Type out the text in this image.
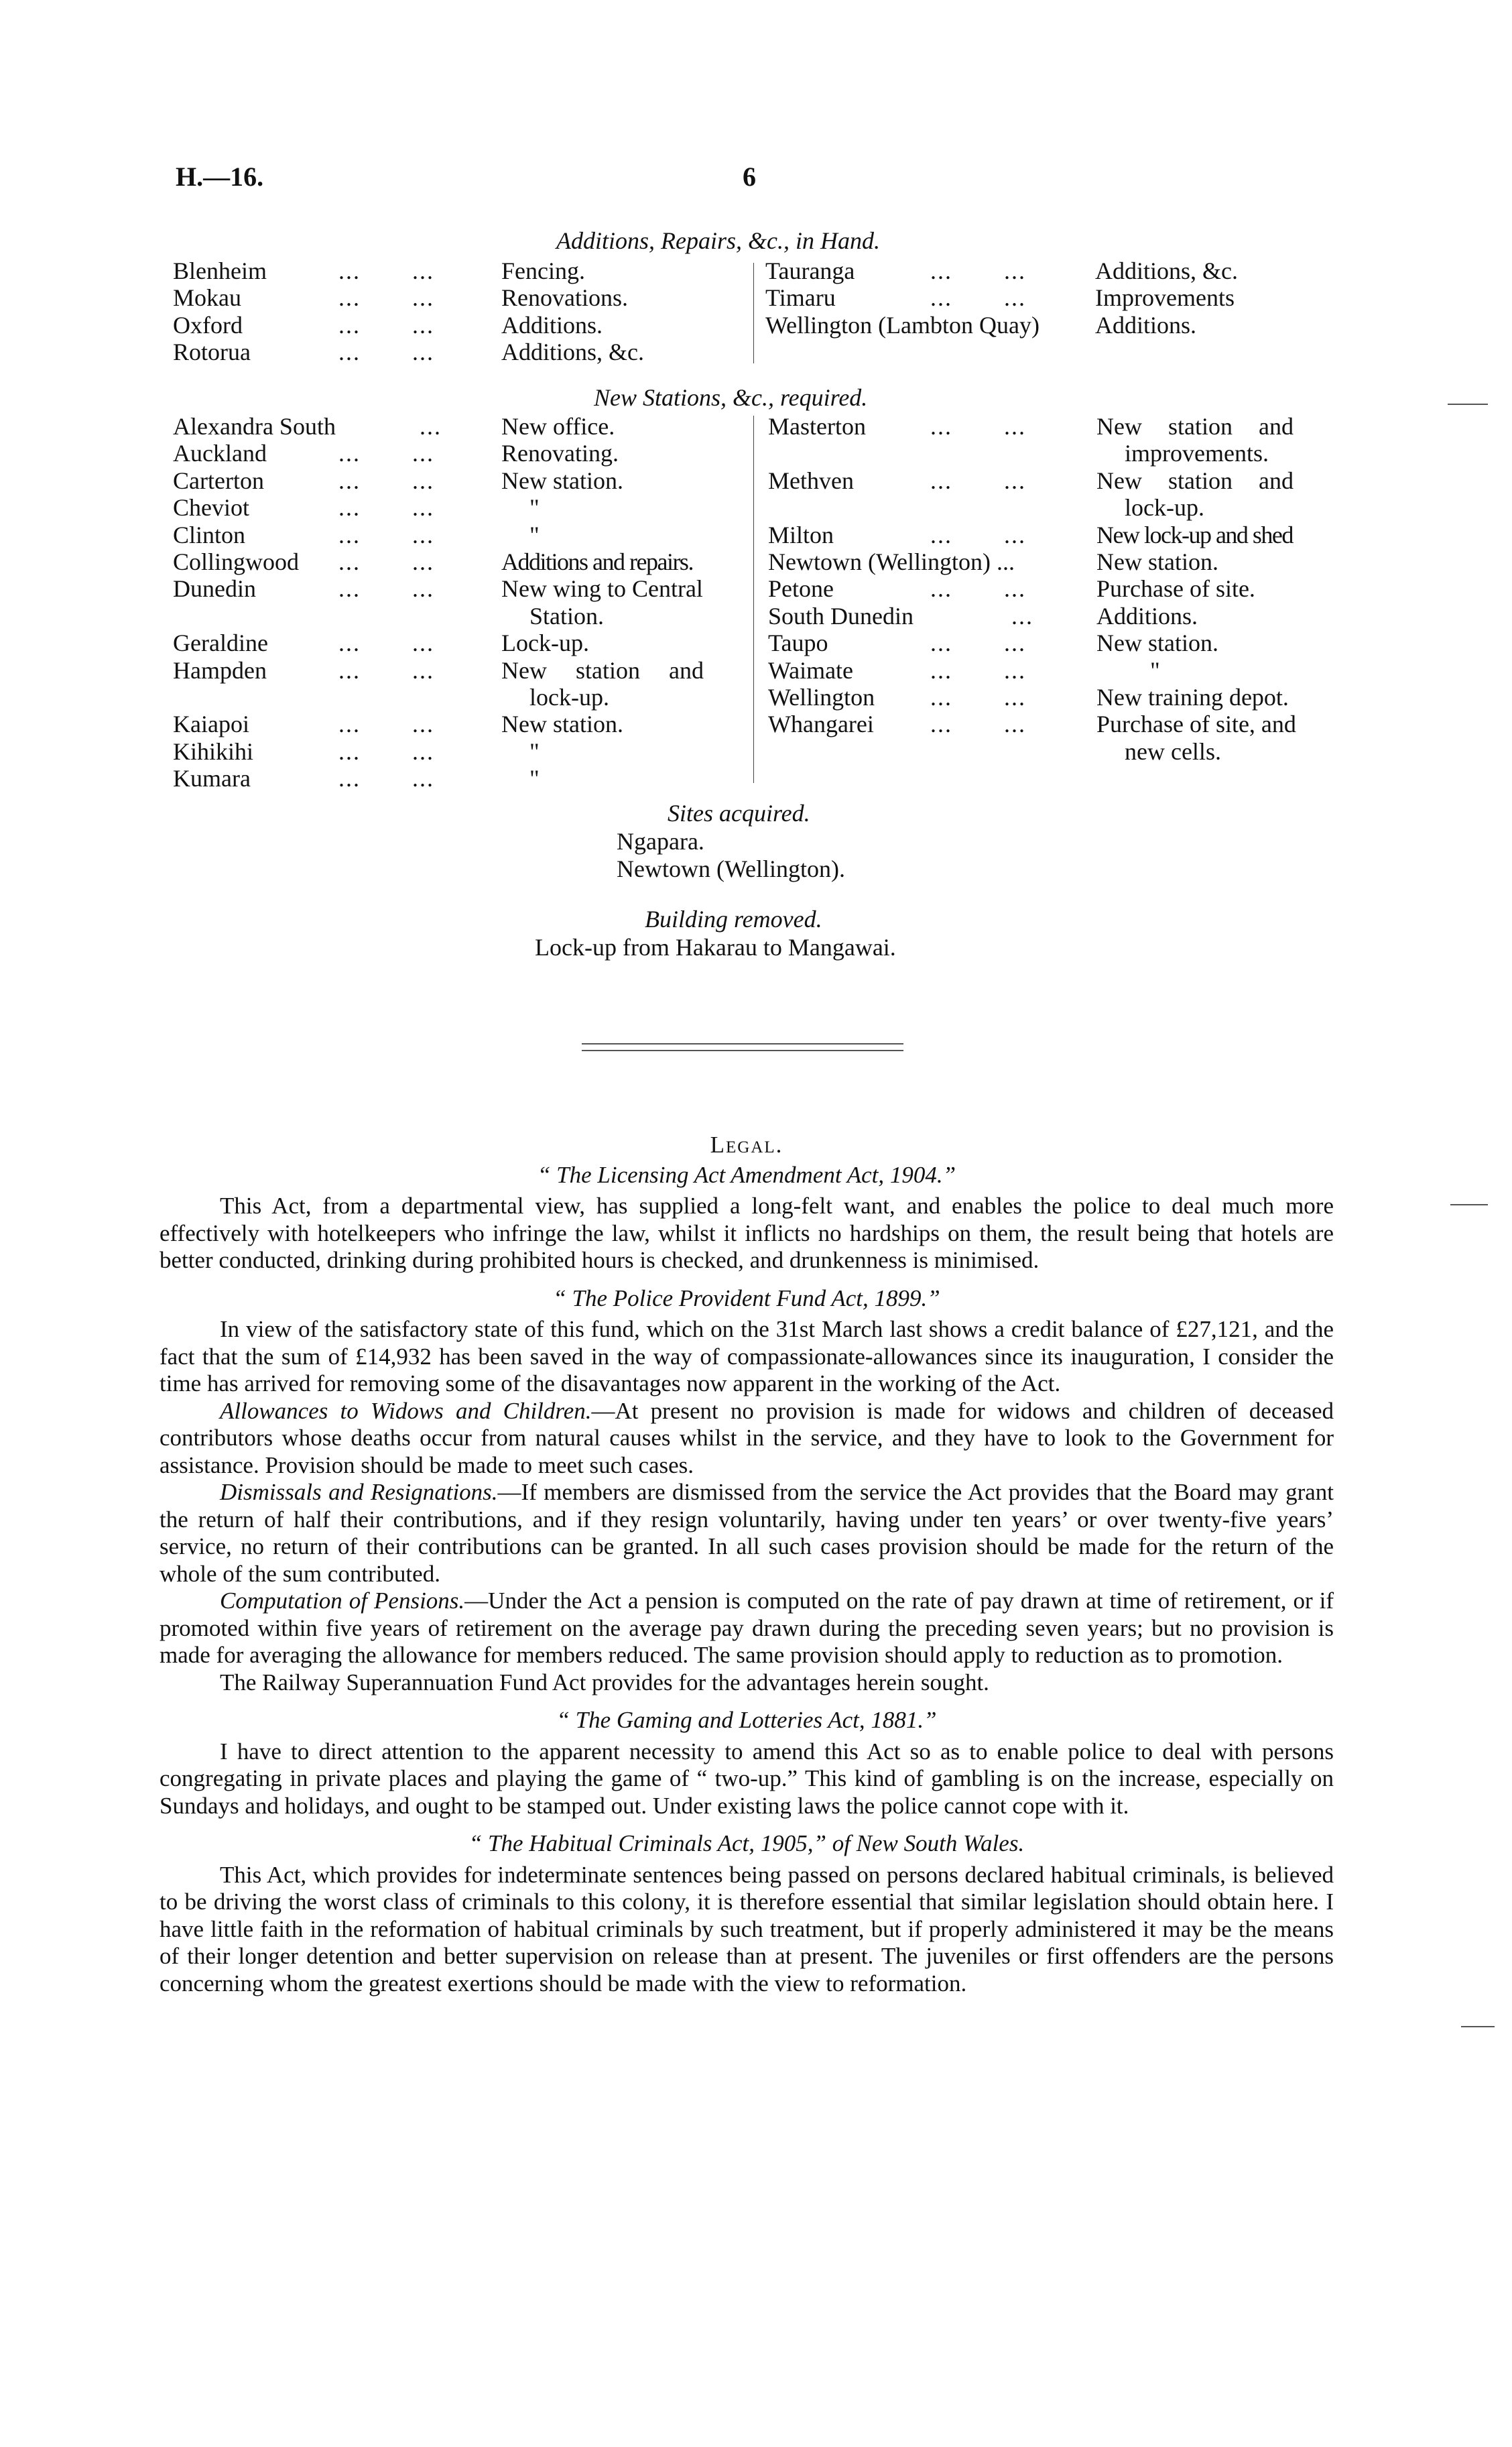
H.—16.	6
Additions, Repairs, &c., in Hand.
Blenheim
Mokau
Oxford
Rotorua
...       ...
...       ...
...       ...
...       ...
Fencing.
Renovations.
Additions.
Additions, &c.
Tauranga
Timaru
Wellington (Lambton Quay)
...       ...
...       ...
Additions, &c.
Improvements
Additions.
New Stations, &c., required.
Alexandra South
Auckland
Carterton
Cheviot
Clinton
Collingwood
Dunedin
Geraldine
Hampden
Kaiapoi
Kihikihi
Kumara
...
...       ...
...       ...
...       ...
...       ...
...       ...
...       ...

...       ...
...       ...

...       ...
...       ...
...       ...
New office.
Renovating.
New station.
"
"
Additions and repairs.
New wing to Central
Station.
Lock-up.
New station and
lock-up.
New station.
"
"
Masterton
Methven
Milton
Newtown (Wellington) ...
Petone
South Dunedin
Taupo
Waimate
Wellington
Whangarei
...       ...

...       ...

...       ...

...       ...
...
...       ...
...       ...
...       ...
...       ...
New station and
improvements.
New station and
lock-up.
New lock-up and shed
New station.
Purchase of site.
Additions.
New station.
"
New training depot.
Purchase of site, and
new cells.
Sites acquired.
Ngapara.
Newtown (Wellington).
Building removed.
Lock-up from Hakarau to Mangawai.

Legal.

“ The Licensing Act Amendment Act, 1904.”

This Act, from a departmental view, has supplied a long-felt want, and enables the police to deal much more effectively with hotelkeepers who infringe the law, whilst it inflicts no hardships on them, the result being that hotels are better conducted, drinking during prohibited hours is checked, and drunkenness is minimised.

“ The Police Provident Fund Act, 1899.”

In view of the satisfactory state of this fund, which on the 31st March last shows a credit balance of £27,121, and the fact that the sum of £14,932 has been saved in the way of compassionate-allowances since its inauguration, I consider the time has arrived for removing some of the disavantages now apparent in the working of the Act.

Allowances to Widows and Children.—At present no provision is made for widows and children of deceased contributors whose deaths occur from natural causes whilst in the service, and they have to look to the Government for assistance. Provision should be made to meet such cases.

Dismissals and Resignations.—If members are dismissed from the service the Act provides that the Board may grant the return of half their contributions, and if they resign voluntarily, having under ten years’ or over twenty-five years’ service, no return of their contributions can be granted. In all such cases provision should be made for the return of the whole of the sum contributed.

Computation of Pensions.—Under the Act a pension is computed on the rate of pay drawn at time of retirement, or if promoted within five years of retirement on the average pay drawn during the preceding seven years; but no provision is made for averaging the allowance for members reduced. The same provision should apply to reduction as to promotion.

The Railway Superannuation Fund Act provides for the advantages herein sought.

“ The Gaming and Lotteries Act, 1881.”

I have to direct attention to the apparent necessity to amend this Act so as to enable police to deal with persons congregating in private places and playing the game of “ two-up.” This kind of gambling is on the increase, especially on Sundays and holidays, and ought to be stamped out. Under existing laws the police cannot cope with it.

“ The Habitual Criminals Act, 1905,” of New South Wales.

This Act, which provides for indeterminate sentences being passed on persons declared habitual criminals, is believed to be driving the worst class of criminals to this colony, it is therefore essential that similar legislation should obtain here. I have little faith in the reformation of habitual criminals by such treatment, but if properly administered it may be the means of their longer detention and better supervision on release than at present. The juveniles or first offenders are the persons concerning whom the greatest exertions should be made with the view to reformation.
